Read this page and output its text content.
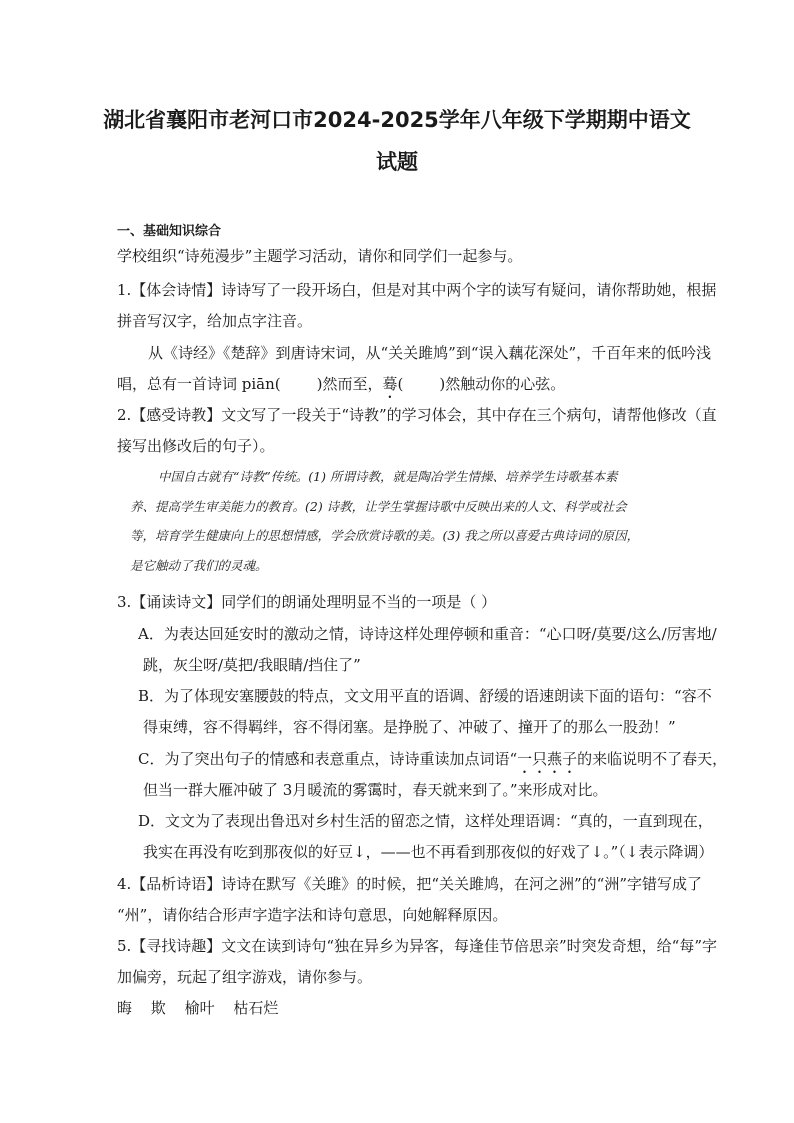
湖北省襄阳市老河口市2024-2025学年八年级下学期期中语文
试题
一、基础知识综合
学校组织“诗苑漫步”主题学习活动，请你和同学们一起参与。
1.【体会诗情】诗诗写了一段开场白，但是对其中两个字的读写有疑问，请你帮助她，根据
拼音写汉字，给加点字注音。
从《诗经》《楚辞》到唐诗宋词，从“关关雎鸠”到“误入藕花深处”，千百年来的低吟浅
唱，总有一首诗词 piān( )然而至，蓦( )然触动你的心弦。
2.【感受诗教】文文写了一段关于“诗教”的学习体会，其中存在三个病句，请帮他修改（直
接写出修改后的句子）。
中国自古就有“诗教”传统。(1) 所谓诗教，就是陶冶学生情操、培养学生诗歌基本素
养、提高学生审美能力的教育。(2) 诗教，让学生掌握诗歌中反映出来的人文、科学或社会
等，培育学生健康向上的思想情感，学会欣赏诗歌的美。(3) 我之所以喜爱古典诗词的原因，
是它触动了我们的灵魂。
3.【诵读诗文】同学们的朗诵处理明显不当的一项是（ ）
A．为表达回延安时的激动之情，诗诗这样处理停顿和重音：“心口呀/莫要/这么/厉害地/
跳，灰尘呀/莫把/我眼睛/挡住了”
B．为了体现安塞腰鼓的特点，文文用平直的语调、舒缓的语速朗读下面的语句：“容不
得束缚，容不得羁绊，容不得闭塞。是挣脱了、冲破了、撞开了的那么一股劲！”
C．为了突出句子的情感和表意重点，诗诗重读加点词语“一只燕子的来临说明不了春天，
但当一群大雁冲破了 3月暖流的雾霭时，春天就来到了。”来形成对比。
D．文文为了表现出鲁迅对乡村生活的留恋之情，这样处理语调：“真的，一直到现在，
我实在再没有吃到那夜似的好豆↓，——也不再看到那夜似的好戏了↓。”（↓表示降调）
4.【品析诗语】诗诗在默写《关雎》的时候，把“关关雎鸠，在河之洲”的“洲”字错写成了
“州”，请你结合形声字造字法和诗句意思，向她解释原因。
5.【寻找诗趣】文文在读到诗句“独在异乡为异客，每逢佳节倍思亲”时突发奇想，给“每”字
加偏旁，玩起了组字游戏，请你参与。
晦 欺 榆叶 枯石烂
